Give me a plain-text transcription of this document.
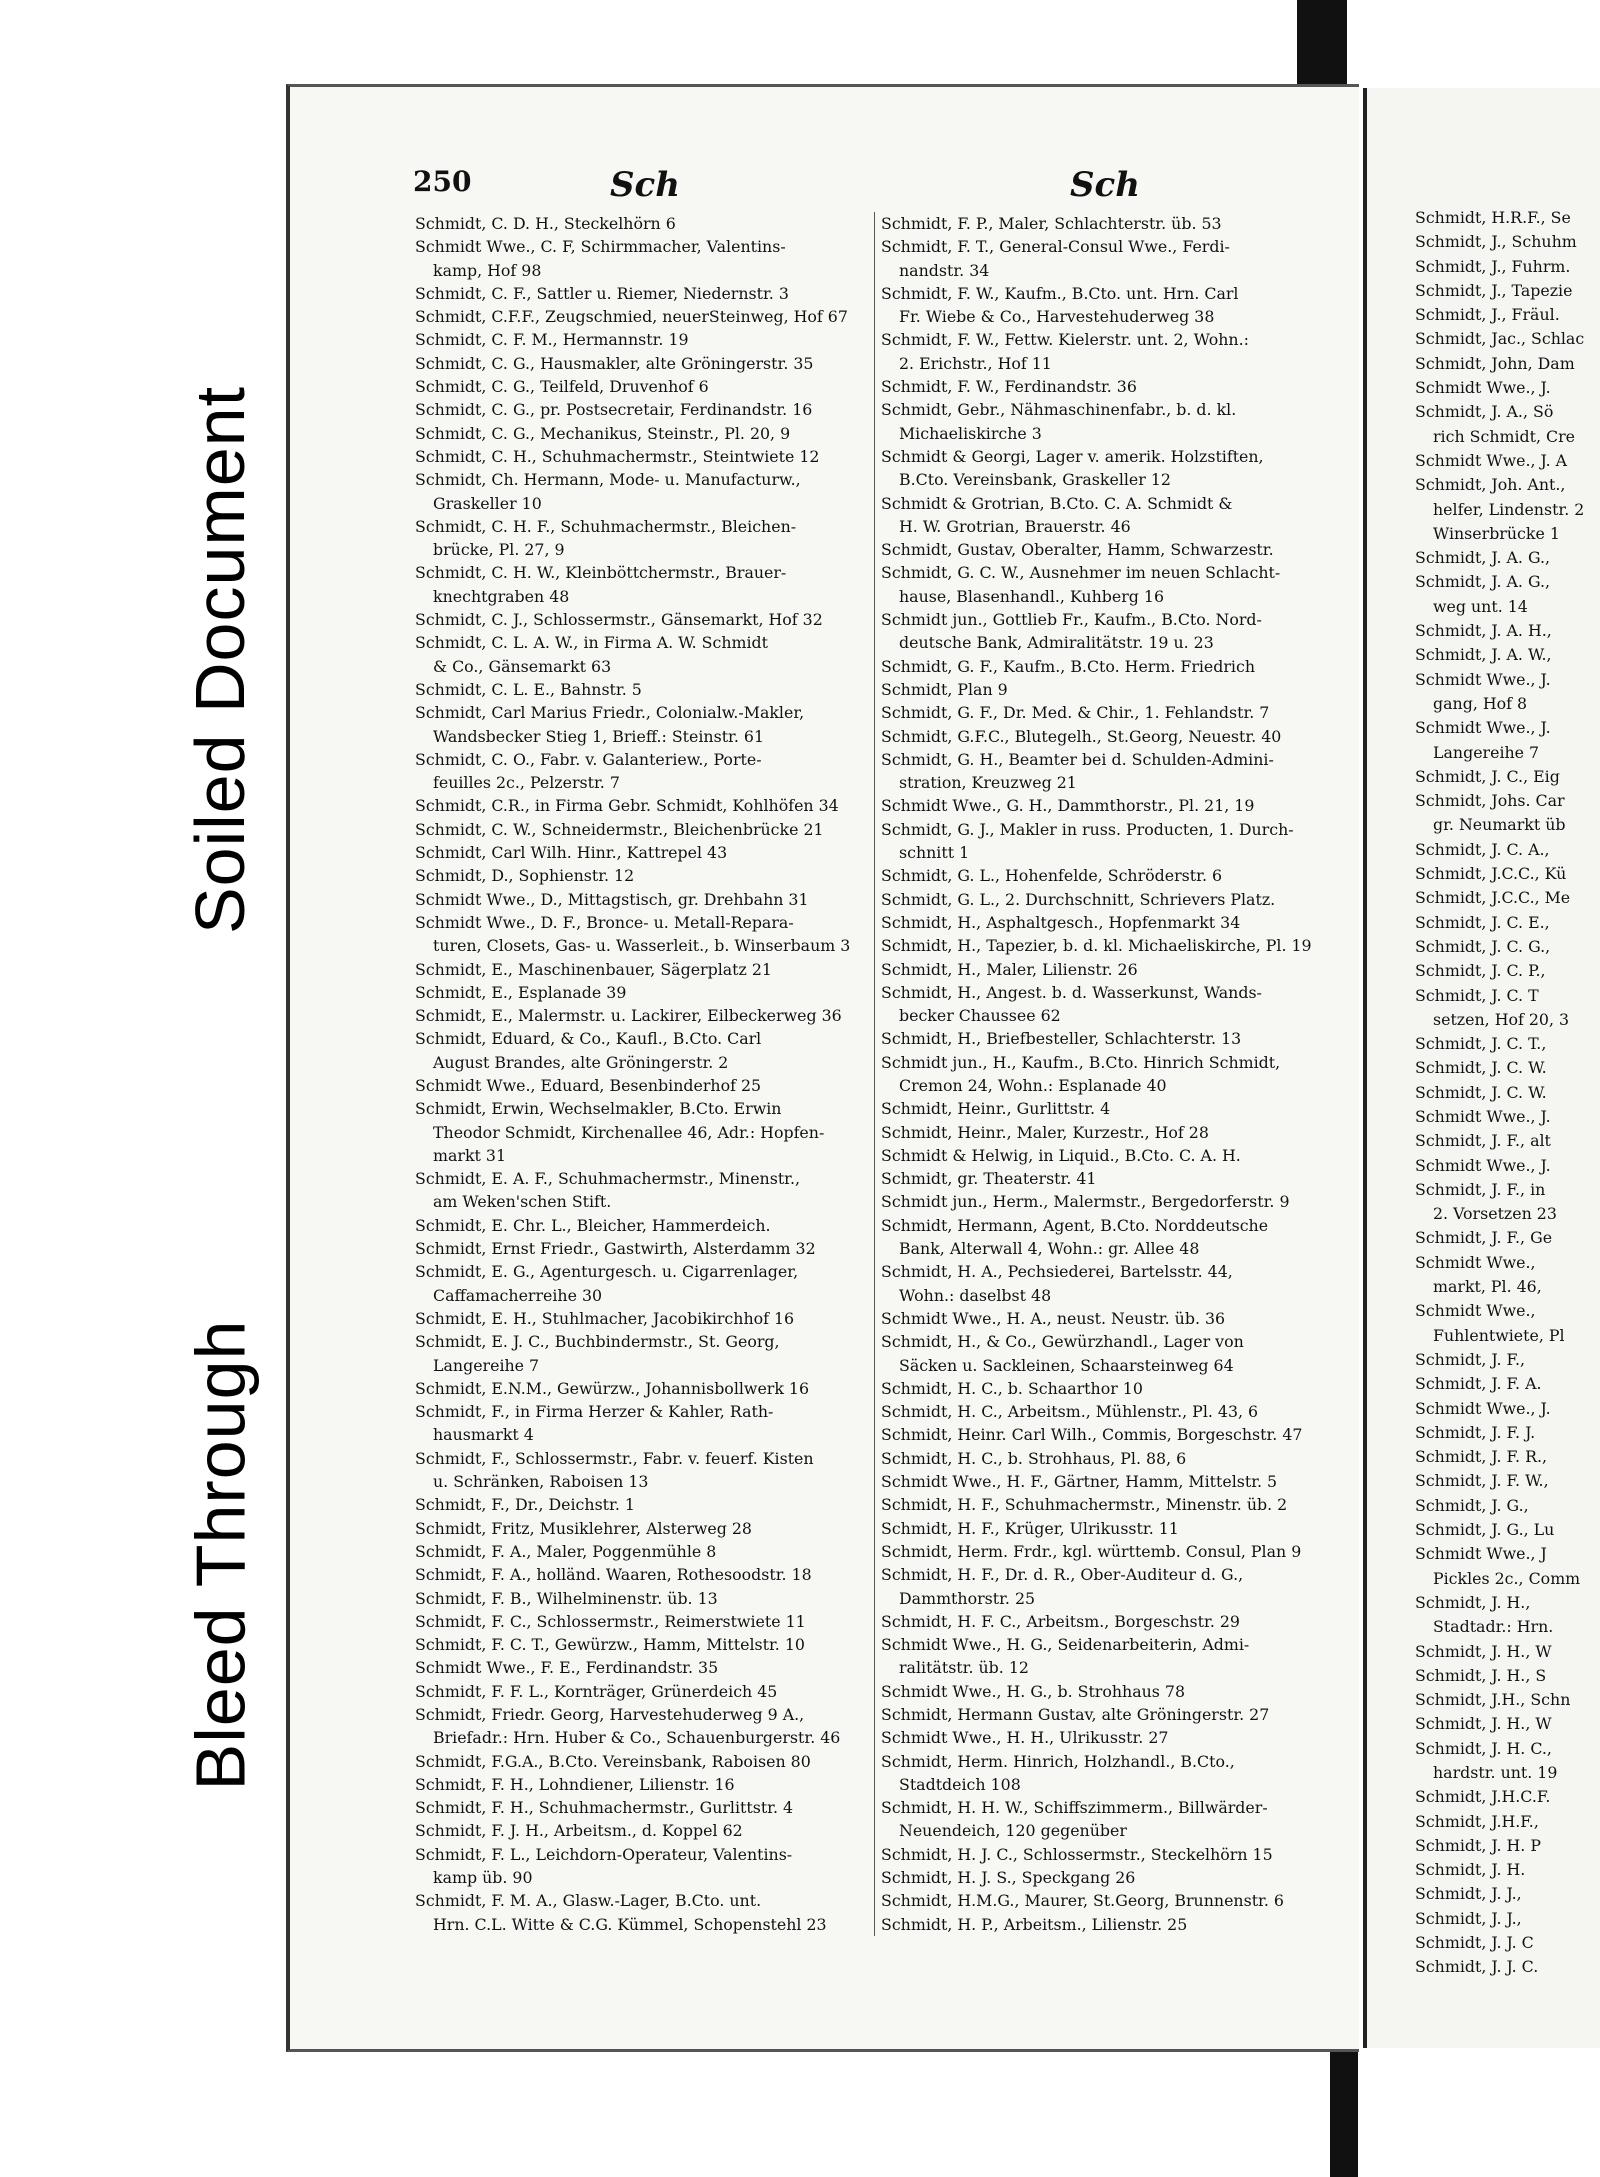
250	Sch	Sch
Schmidt, C. D. H., Steckelhörn 6
Schmidt Wwe., C. F, Schirmmacher, Valentins-
kamp, Hof 98
Schmidt, C. F., Sattler u. Riemer, Niedernstr. 3
Schmidt, C.F.F., Zeugschmied, neuerSteinweg, Hof 67
Schmidt, C. F. M., Hermannstr. 19
Schmidt, C. G., Hausmakler, alte Gröningerstr. 35
Schmidt, C. G., Teilfeld, Druvenhof 6
Schmidt, C. G., pr. Postsecretair, Ferdinandstr. 16
Schmidt, C. G., Mechanikus, Steinstr., Pl. 20, 9
Schmidt, C. H., Schuhmachermstr., Steintwiete 12
Schmidt, Ch. Hermann, Mode- u. Manufacturw.,
Graskeller 10
Schmidt, C. H. F., Schuhmachermstr., Bleichen-
brücke, Pl. 27, 9
Schmidt, C. H. W., Kleinböttchermstr., Brauer-
knechtgraben 48
Schmidt, C. J., Schlossermstr., Gänsemarkt, Hof 32
Schmidt, C. L. A. W., in Firma A. W. Schmidt
& Co., Gänsemarkt 63
Schmidt, C. L. E., Bahnstr. 5
Schmidt, Carl Marius Friedr., Colonialw.-Makler,
Wandsbecker Stieg 1, Brieff.: Steinstr. 61
Schmidt, C. O., Fabr. v. Galanteriew., Porte-
feuilles 2c., Pelzerstr. 7
Schmidt, C.R., in Firma Gebr. Schmidt, Kohlhöfen 34
Schmidt, C. W., Schneidermstr., Bleichenbrücke 21
Schmidt, Carl Wilh. Hinr., Kattrepel 43
Schmidt, D., Sophienstr. 12
Schmidt Wwe., D., Mittagstisch, gr. Drehbahn 31
Schmidt Wwe., D. F., Bronce- u. Metall-Repara-
turen, Closets, Gas- u. Wasserleit., b. Winserbaum 3
Schmidt, E., Maschinenbauer, Sägerplatz 21
Schmidt, E., Esplanade 39
Schmidt, E., Malermstr. u. Lackirer, Eilbeckerweg 36
Schmidt, Eduard, & Co., Kaufl., B.Cto. Carl
August Brandes, alte Gröningerstr. 2
Schmidt Wwe., Eduard, Besenbinderhof 25
Schmidt, Erwin, Wechselmakler, B.Cto. Erwin
Theodor Schmidt, Kirchenallee 46, Adr.: Hopfen-
markt 31
Schmidt, E. A. F., Schuhmachermstr., Minenstr.,
am Weken'schen Stift.
Schmidt, E. Chr. L., Bleicher, Hammerdeich.
Schmidt, Ernst Friedr., Gastwirth, Alsterdamm 32
Schmidt, E. G., Agenturgesch. u. Cigarrenlager,
Caffamacherreihe 30
Schmidt, E. H., Stuhlmacher, Jacobikirchhof 16
Schmidt, E. J. C., Buchbindermstr., St. Georg,
Langereihe 7
Schmidt, E.N.M., Gewürzw., Johannisbollwerk 16
Schmidt, F., in Firma Herzer & Kahler, Rath-
hausmarkt 4
Schmidt, F., Schlossermstr., Fabr. v. feuerf. Kisten
u. Schränken, Raboisen 13
Schmidt, F., Dr., Deichstr. 1
Schmidt, Fritz, Musiklehrer, Alsterweg 28
Schmidt, F. A., Maler, Poggenmühle 8
Schmidt, F. A., holländ. Waaren, Rothesoodstr. 18
Schmidt, F. B., Wilhelminenstr. üb. 13
Schmidt, F. C., Schlossermstr., Reimerstwiete 11
Schmidt, F. C. T., Gewürzw., Hamm, Mittelstr. 10
Schmidt Wwe., F. E., Ferdinandstr. 35
Schmidt, F. F. L., Kornträger, Grünerdeich 45
Schmidt, Friedr. Georg, Harvestehuderweg 9 A.,
Briefadr.: Hrn. Huber & Co., Schauenburgerstr. 46
Schmidt, F.G.A., B.Cto. Vereinsbank, Raboisen 80
Schmidt, F. H., Lohndiener, Lilienstr. 16
Schmidt, F. H., Schuhmachermstr., Gurlittstr. 4
Schmidt, F. J. H., Arbeitsm., d. Koppel 62
Schmidt, F. L., Leichdorn-Operateur, Valentins-
kamp üb. 90
Schmidt, F. M. A., Glasw.-Lager, B.Cto. unt.
Hrn. C.L. Witte & C.G. Kümmel, Schopenstehl 23
Schmidt, F. P., Maler, Schlachterstr. üb. 53
Schmidt, F. T., General-Consul Wwe., Ferdi-
nandstr. 34
Schmidt, F. W., Kaufm., B.Cto. unt. Hrn. Carl
Fr. Wiebe & Co., Harvestehuderweg 38
Schmidt, F. W., Fettw. Kielerstr. unt. 2, Wohn.:
2. Erichstr., Hof 11
Schmidt, F. W., Ferdinandstr. 36
Schmidt, Gebr., Nähmaschinenfabr., b. d. kl.
Michaeliskirche 3
Schmidt & Georgi, Lager v. amerik. Holzstiften,
B.Cto. Vereinsbank, Graskeller 12
Schmidt & Grotrian, B.Cto. C. A. Schmidt &
H. W. Grotrian, Brauerstr. 46
Schmidt, Gustav, Oberalter, Hamm, Schwarzestr.
Schmidt, G. C. W., Ausnehmer im neuen Schlacht-
hause, Blasenhandl., Kuhberg 16
Schmidt jun., Gottlieb Fr., Kaufm., B.Cto. Nord-
deutsche Bank, Admiralitätstr. 19 u. 23
Schmidt, G. F., Kaufm., B.Cto. Herm. Friedrich
Schmidt, Plan 9
Schmidt, G. F., Dr. Med. & Chir., 1. Fehlandstr. 7
Schmidt, G.F.C., Blutegelh., St.Georg, Neuestr. 40
Schmidt, G. H., Beamter bei d. Schulden-Admini-
stration, Kreuzweg 21
Schmidt Wwe., G. H., Dammthorstr., Pl. 21, 19
Schmidt, G. J., Makler in russ. Producten, 1. Durch-
schnitt 1
Schmidt, G. L., Hohenfelde, Schröderstr. 6
Schmidt, G. L., 2. Durchschnitt, Schrievers Platz.
Schmidt, H., Asphaltgesch., Hopfenmarkt 34
Schmidt, H., Tapezier, b. d. kl. Michaeliskirche, Pl. 19
Schmidt, H., Maler, Lilienstr. 26
Schmidt, H., Angest. b. d. Wasserkunst, Wands-
becker Chaussee 62
Schmidt, H., Briefbesteller, Schlachterstr. 13
Schmidt jun., H., Kaufm., B.Cto. Hinrich Schmidt,
Cremon 24, Wohn.: Esplanade 40
Schmidt, Heinr., Gurlittstr. 4
Schmidt, Heinr., Maler, Kurzestr., Hof 28
Schmidt & Helwig, in Liquid., B.Cto. C. A. H.
Schmidt, gr. Theaterstr. 41
Schmidt jun., Herm., Malermstr., Bergedorferstr. 9
Schmidt, Hermann, Agent, B.Cto. Norddeutsche
Bank, Alterwall 4, Wohn.: gr. Allee 48
Schmidt, H. A., Pechsiederei, Bartelsstr. 44,
Wohn.: daselbst 48
Schmidt Wwe., H. A., neust. Neustr. üb. 36
Schmidt, H., & Co., Gewürzhandl., Lager von
Säcken u. Sackleinen, Schaarsteinweg 64
Schmidt, H. C., b. Schaarthor 10
Schmidt, H. C., Arbeitsm., Mühlenstr., Pl. 43, 6
Schmidt, Heinr. Carl Wilh., Commis, Borgeschstr. 47
Schmidt, H. C., b. Strohhaus, Pl. 88, 6
Schmidt Wwe., H. F., Gärtner, Hamm, Mittelstr. 5
Schmidt, H. F., Schuhmachermstr., Minenstr. üb. 2
Schmidt, H. F., Krüger, Ulrikusstr. 11
Schmidt, Herm. Frdr., kgl. württemb. Consul, Plan 9
Schmidt, H. F., Dr. d. R., Ober-Auditeur d. G.,
Dammthorstr. 25
Schmidt, H. F. C., Arbeitsm., Borgeschstr. 29
Schmidt Wwe., H. G., Seidenarbeiterin, Admi-
ralitätstr. üb. 12
Schmidt Wwe., H. G., b. Strohhaus 78
Schmidt, Hermann Gustav, alte Gröningerstr. 27
Schmidt Wwe., H. H., Ulrikusstr. 27
Schmidt, Herm. Hinrich, Holzhandl., B.Cto.,
Stadtdeich 108
Schmidt, H. H. W., Schiffszimmerm., Billwärder-
Neuendeich, 120 gegenüber
Schmidt, H. J. C., Schlossermstr., Steckelhörn 15
Schmidt, H. J. S., Speckgang 26
Schmidt, H.M.G., Maurer, St.Georg, Brunnenstr. 6
Schmidt, H. P., Arbeitsm., Lilienstr. 25
Schmidt, H.R.F., Se
Schmidt, J., Schuhm
Schmidt, J., Fuhrm.
Schmidt, J., Tapezie
Schmidt, J., Fräul.
Schmidt, Jac., Schlac
Schmidt, John, Dam
Schmidt Wwe., J.
Schmidt, J. A., Sö
rich Schmidt, Cre
Schmidt Wwe., J. A
Schmidt, Joh. Ant.,
helfer, Lindenstr. 2
Winserbrücke 1
Schmidt, J. A. G.,
Schmidt, J. A. G.,
weg unt. 14
Schmidt, J. A. H.,
Schmidt, J. A. W.,
Schmidt Wwe., J.
gang, Hof 8
Schmidt Wwe., J.
Langereihe 7
Schmidt, J. C., Eig
Schmidt, Johs. Car
gr. Neumarkt üb
Schmidt, J. C. A.,
Schmidt, J.C.C., Kü
Schmidt, J.C.C., Me
Schmidt, J. C. E.,
Schmidt, J. C. G.,
Schmidt, J. C. P.,
Schmidt, J. C. T
setzen, Hof 20, 3
Schmidt, J. C. T.,
Schmidt, J. C. W.
Schmidt, J. C. W.
Schmidt Wwe., J.
Schmidt, J. F., alt
Schmidt Wwe., J.
Schmidt, J. F., in
2. Vorsetzen 23
Schmidt, J. F., Ge
Schmidt Wwe.,
markt, Pl. 46,
Schmidt Wwe.,
Fuhlentwiete, Pl
Schmidt, J. F.,
Schmidt, J. F. A.
Schmidt Wwe., J.
Schmidt, J. F. J.
Schmidt, J. F. R.,
Schmidt, J. F. W.,
Schmidt, J. G.,
Schmidt, J. G., Lu
Schmidt Wwe., J
Pickles 2c., Comm
Schmidt, J. H.,
Stadtadr.: Hrn.
Schmidt, J. H., W
Schmidt, J. H., S
Schmidt, J.H., Schn
Schmidt, J. H., W
Schmidt, J. H. C.,
hardstr. unt. 19
Schmidt, J.H.C.F.
Schmidt, J.H.F.,
Schmidt, J. H. P
Schmidt, J. H.
Schmidt, J. J.,
Schmidt, J. J.,
Schmidt, J. J. C
Schmidt, J. J. C.
Soiled Document
Bleed Through
